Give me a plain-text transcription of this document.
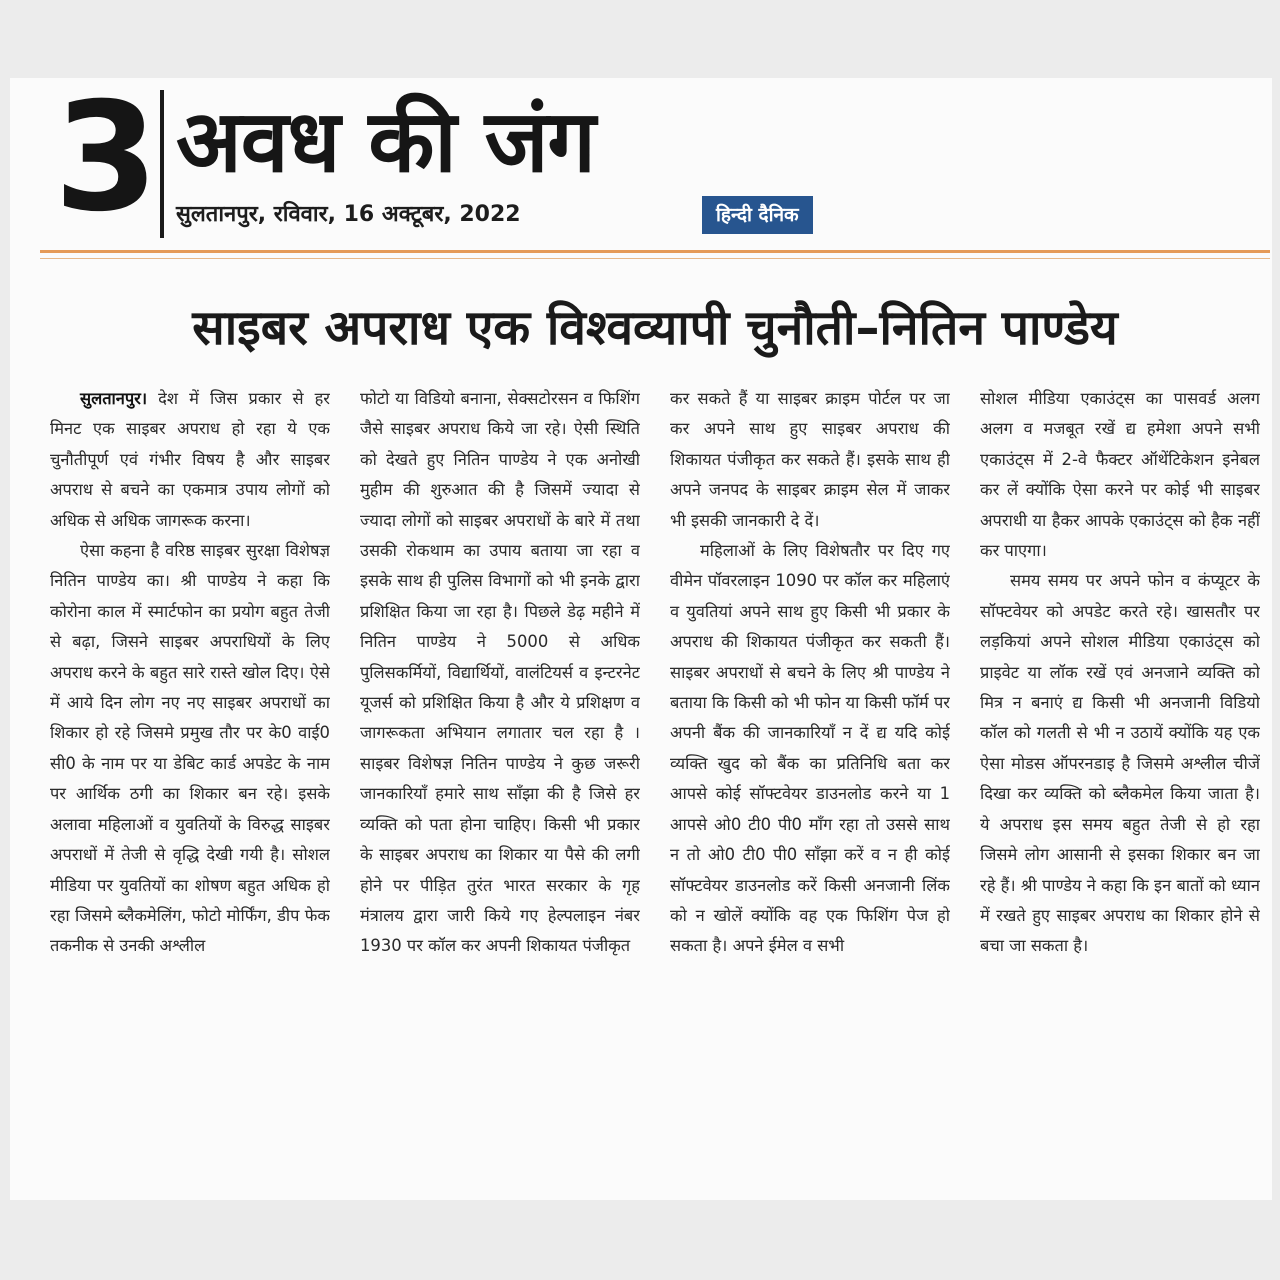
3 अवध की जंग
सुलतानपुर, रविवार, 16 अक्टूबर, 2022	हिन्दी दैनिक
साइबर अपराध एक विश्वव्यापी चुनौती–नितिन पाण्डेय

सुलतानपुर। देश में जिस प्रकार से हर मिनट एक साइबर अपराध हो रहा ये एक चुनौतीपूर्ण एवं गंभीर विषय है और साइबर अपराध से बचने का एकमात्र उपाय लोगों को अधिक से अधिक जागरूक करना।

ऐसा कहना है वरिष्ठ साइबर सुरक्षा विशेषज्ञ नितिन पाण्डेय का। श्री पाण्डेय ने कहा कि कोरोना काल में स्मार्टफोन का प्रयोग बहुत तेजी से बढ़ा, जिसने साइबर अपराधियों के लिए अपराध करने के बहुत सारे रास्ते खोल दिए। ऐसे में आये दिन लोग नए नए साइबर अपराधों का शिकार हो रहे जिसमे प्रमुख तौर पर के0 वाई0 सी0 के नाम पर या डेबिट कार्ड अपडेट के नाम पर आर्थिक ठगी का शिकार बन रहे। इसके अलावा महिलाओं व युवतियों के विरुद्ध साइबर अपराधों में तेजी से वृद्धि देखी गयी है। सोशल मीडिया पर युवतियों का शोषण बहुत अधिक हो रहा जिसमे ब्लैकमेलिंग, फोटो मोर्फिंग, डीप फेक तकनीक से उनकी अश्लील

फोटो या विडियो बनाना, सेक्सटोरसन व फिशिंग जैसे साइबर अपराध किये जा रहे। ऐसी स्थिति को देखते हुए नितिन पाण्डेय ने एक अनोखी मुहीम की शुरुआत की है जिसमें ज्यादा से ज्यादा लोगों को साइबर अपराधों के बारे में तथा उसकी रोकथाम का उपाय बताया जा रहा व इसके साथ ही पुलिस विभागों को भी इनके द्वारा प्रशिक्षित किया जा रहा है। पिछले डेढ़ महीने में नितिन पाण्डेय ने 5000 से अधिक पुलिसकर्मियों, विद्यार्थियों, वालंटियर्स व इन्टरनेट यूजर्स को प्रशिक्षित किया है और ये प्रशिक्षण व जागरूकता अभियान लगातार चल रहा है । साइबर विशेषज्ञ नितिन पाण्डेय ने कुछ जरूरी जानकारियाँ हमारे साथ साँझा की है जिसे हर व्यक्ति को पता होना चाहिए। किसी भी प्रकार के साइबर अपराध का शिकार या पैसे की लगी होने पर पीड़ित तुरंत भारत सरकार के गृह मंत्रालय द्वारा जारी किये गए हेल्पलाइन नंबर 1930 पर कॉल कर अपनी शिकायत पंजीकृत

कर सकते हैं या साइबर क्राइम पोर्टल पर जा कर अपने साथ हुए साइबर अपराध की शिकायत पंजीकृत कर सकते हैं। इसके साथ ही अपने जनपद के साइबर क्राइम सेल में जाकर भी इसकी जानकारी दे दें।

महिलाओं के लिए विशेषतौर पर दिए गए वीमेन पॉवरलाइन 1090 पर कॉल कर महिलाएं व युवतियां अपने साथ हुए किसी भी प्रकार के अपराध की शिकायत पंजीकृत कर सकती हैं। साइबर अपराधों से बचने के लिए श्री पाण्डेय ने बताया कि किसी को भी फोन या किसी फॉर्म पर अपनी बैंक की जानकारियाँ न दें द्य यदि कोई व्यक्ति खुद को बैंक का प्रतिनिधि बता कर आपसे कोई सॉफ्टवेयर डाउनलोड करने या 1 आपसे ओ0 टी0 पी0 माँग रहा तो उससे साथ न तो ओ0 टी0 पी0 साँझा करें व न ही कोई सॉफ्टवेयर डाउनलोड करें किसी अनजानी लिंक को न खोलें क्योंकि वह एक फिशिंग पेज हो सकता है। अपने ईमेल व सभी

सोशल मीडिया एकाउंट्स का पासवर्ड अलग अलग व मजबूत रखें द्य हमेशा अपने सभी एकाउंट्स में 2-वे फैक्टर ऑथेंटिकेशन इनेबल कर लें क्योंकि ऐसा करने पर कोई भी साइबर अपराधी या हैकर आपके एकाउंट्स को हैक नहीं कर पाएगा।

समय समय पर अपने फोन व कंप्यूटर के सॉफ्टवेयर को अपडेट करते रहे। खासतौर पर लड़कियां अपने सोशल मीडिया एकाउंट्स को प्राइवेट या लॉक रखें एवं अनजाने व्यक्ति को मित्र न बनाएं द्य किसी भी अनजानी विडियो कॉल को गलती से भी न उठायें क्योंकि यह एक ऐसा मोडस ऑपरनडाइ है जिसमे अश्लील चीजें दिखा कर व्यक्ति को ब्लैकमेल किया जाता है। ये अपराध इस समय बहुत तेजी से हो रहा जिसमे लोग आसानी से इसका शिकार बन जा रहे हैं। श्री पाण्डेय ने कहा कि इन बातों को ध्यान में रखते हुए साइबर अपराध का शिकार होने से बचा जा सकता है।
